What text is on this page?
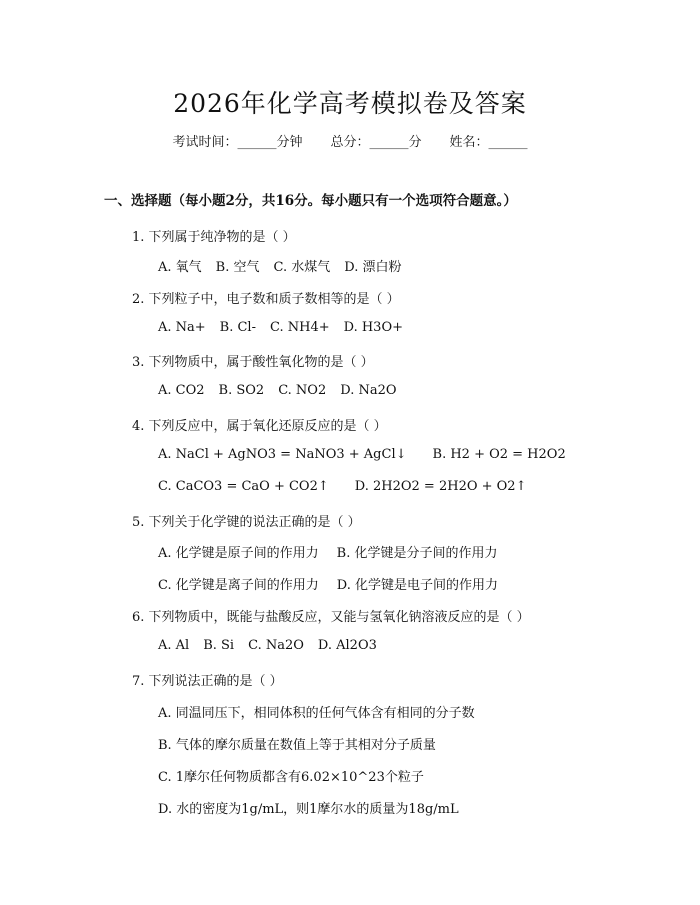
2026年化学高考模拟卷及答案
考试时间： ______ 分钟 总分： ______ 分 姓名： ______
一、选择题（每小题2分，共16分。每小题只有一个选项符合题意。）
1. 下列属于纯净物的是（ ）
A. 氧气 B. 空气 C. 水煤气 D. 漂白粉
2. 下列粒子中，电子数和质子数相等的是（ ）
A. Na+ B. Cl- C. NH4+ D. H3O+
3. 下列物质中，属于酸性氧化物的是（ ）
A. CO2 B. SO2 C. NO2 D. Na2O
4. 下列反应中，属于氧化还原反应的是（ ）
A. NaCl + AgNO3 = NaNO3 + AgCl↓ B. H2 + O2 = H2O2
C. CaCO3 = CaO + CO2↑ D. 2H2O2 = 2H2O + O2↑
5. 下列关于化学键的说法正确的是（ ）
A. 化学键是原子间的作用力 B. 化学键是分子间的作用力
C. 化学键是离子间的作用力 D. 化学键是电子间的作用力
6. 下列物质中，既能与盐酸反应，又能与氢氧化钠溶液反应的是（ ）
A. Al B. Si C. Na2O D. Al2O3
7. 下列说法正确的是（ ）
A. 同温同压下，相同体积的任何气体含有相同的分子数
B. 气体的摩尔质量在数值上等于其相对分子质量
C. 1摩尔任何物质都含有6.02×10^23个粒子
D. 水的密度为1g/mL，则1摩尔水的质量为18g/mL
